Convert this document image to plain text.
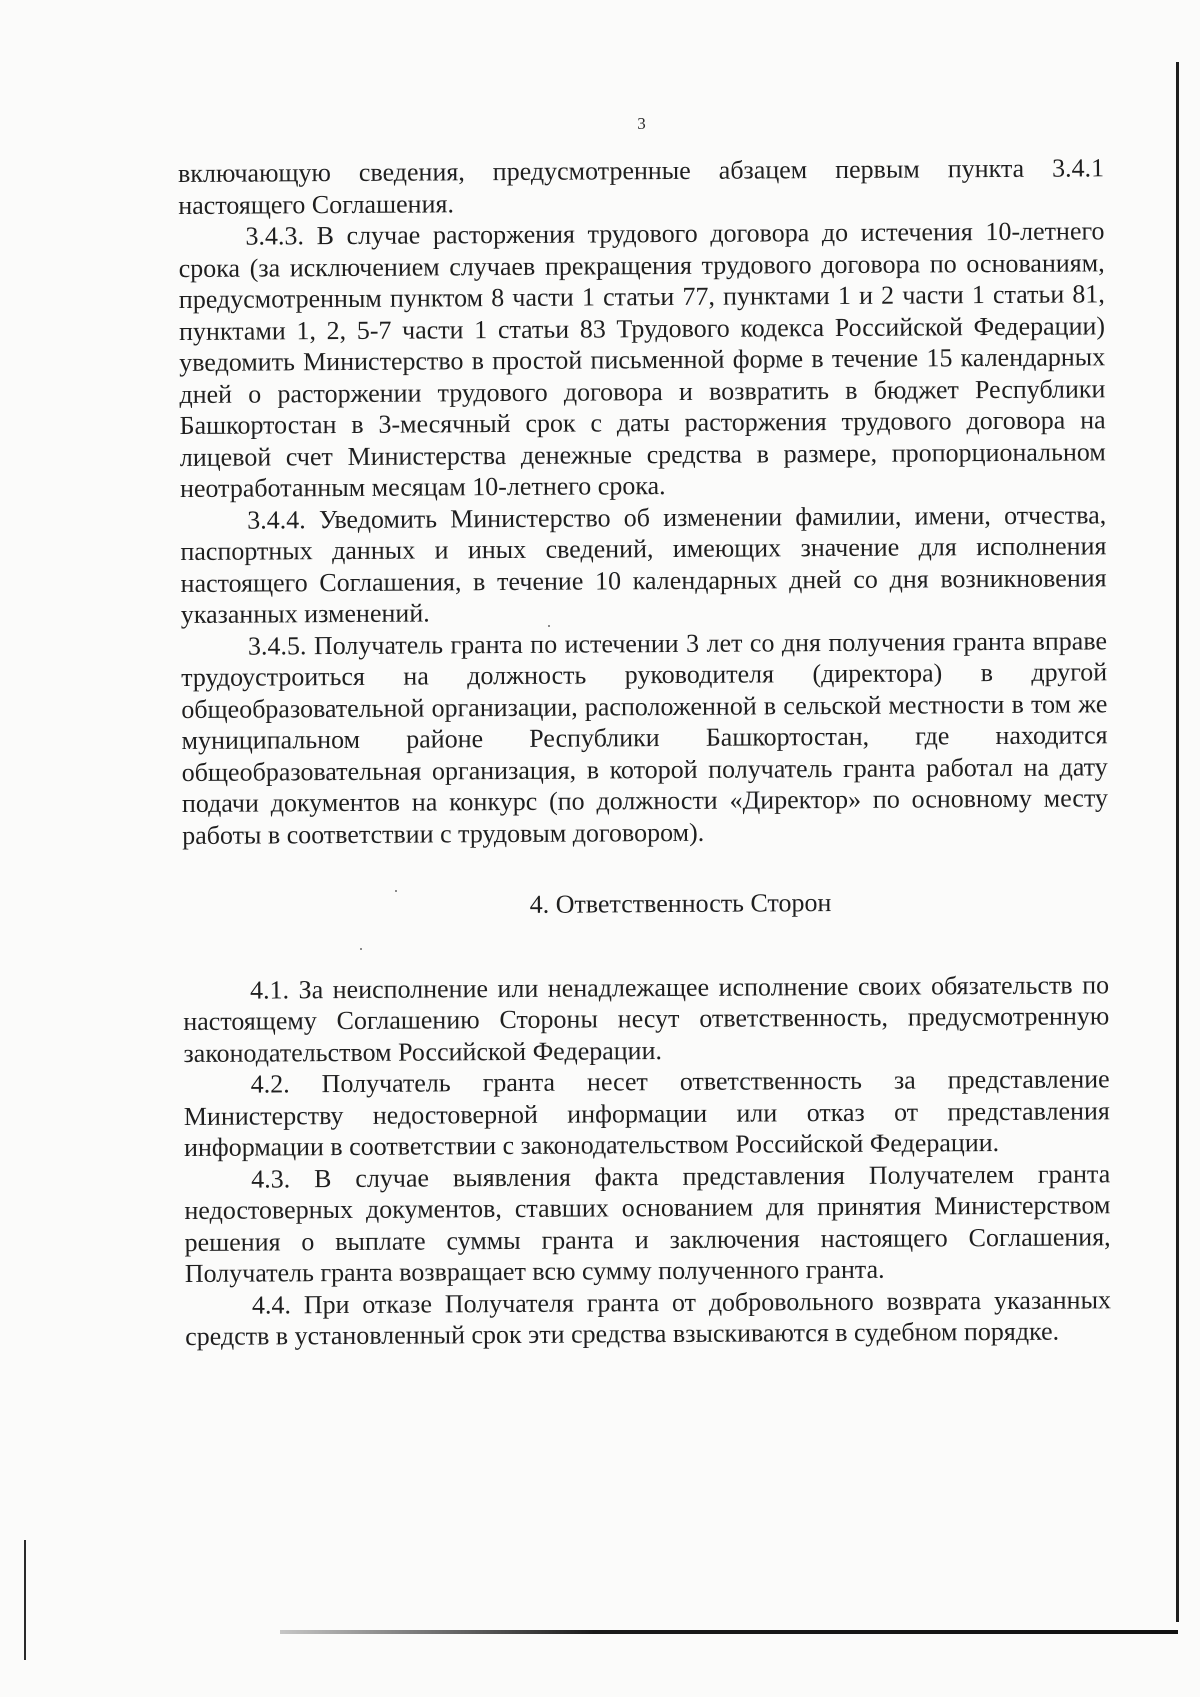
3

включающую сведения, предусмотренные абзацем первым пункта 3.4.1 настоящего Соглашения.

3.4.3. В случае расторжения трудового договора до истечения 10-летнего срока (за исключением случаев прекращения трудового договора по основаниям, предусмотренным пунктом 8 части 1 статьи 77, пунктами 1 и 2 части 1 статьи 81, пунктами 1, 2, 5-7 части 1 статьи 83 Трудового кодекса Российской Федерации) уведомить Министерство в простой письменной форме в течение 15 календарных дней о расторжении трудового договора и возвратить в бюджет Республики Башкортостан в 3-месячный срок с даты расторжения трудового договора на лицевой счет Министерства денежные средства в размере, пропорциональном неотработанным месяцам 10-летнего срока.

3.4.4. Уведомить Министерство об изменении фамилии, имени, отчества, паспортных данных и иных сведений, имеющих значение для исполнения настоящего Соглашения, в течение 10 календарных дней со дня возникновения указанных изменений.

3.4.5. Получатель гранта по истечении 3 лет со дня получения гранта вправе трудоустроиться на должность руководителя (директора) в другой общеобразовательной организации, расположенной в сельской местности в том же муниципальном районе Республики Башкортостан, где находится общеобразовательная организация, в которой получатель гранта работал на дату подачи документов на конкурс (по должности «Директор» по основному месту работы в соответствии с трудовым договором).

4. Ответственность Сторон

4.1. За неисполнение или ненадлежащее исполнение своих обязательств по настоящему Соглашению Стороны несут ответственность, предусмотренную законодательством Российской Федерации.

4.2. Получатель гранта несет ответственность за представление Министерству недостоверной информации или отказ от представления информации в соответствии с законодательством Российской Федерации.

4.3. В случае выявления факта представления Получателем гранта недостоверных документов, ставших основанием для принятия Министерством решения о выплате суммы гранта и заключения настоящего Соглашения, Получатель гранта возвращает всю сумму полученного гранта.

4.4. При отказе Получателя гранта от добровольного возврата указанных средств в установленный срок эти средства взыскиваются в судебном порядке.
